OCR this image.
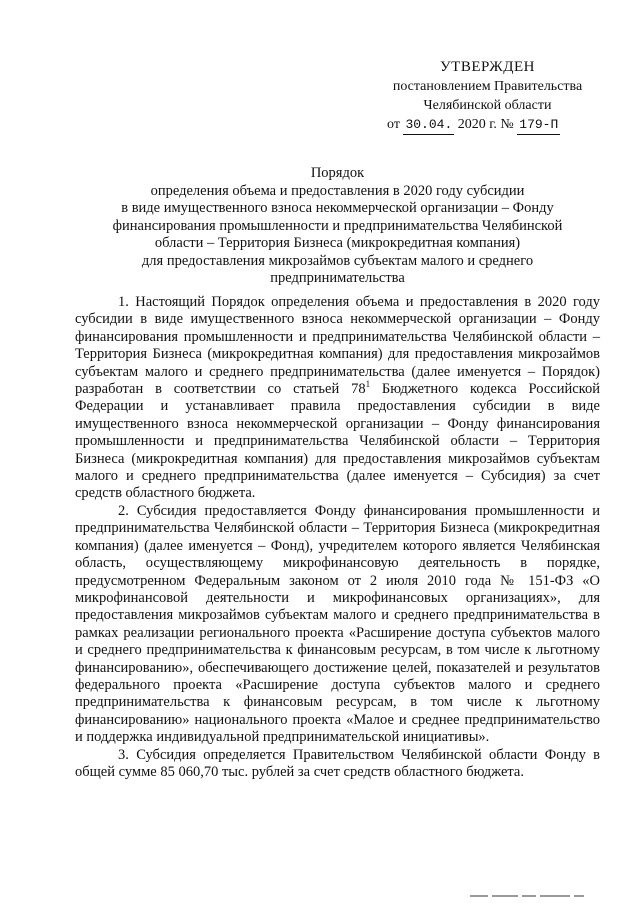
УТВЕРЖДЕН
постановлением Правительства
Челябинской области
от 30.04. 2020 г. № 179-П
Порядок
определения объема и предоставления в 2020 году субсидии
в виде имущественного взноса некоммерческой организации – Фонду
финансирования промышленности и предпринимательства Челябинской
области – Территория Бизнеса (микрокредитная компания)
для предоставления микрозаймов субъектам малого и среднего
предпринимательства

1. Настоящий Порядок определения объема и предоставления в 2020 году субсидии в виде имущественного взноса некоммерческой организации – Фонду финансирования промышленности и предпринимательства Челябинской области – Территория Бизнеса (микрокредитная компания) для предоставления микрозаймов субъектам малого и среднего предпринимательства (далее именуется – Порядок) разработан в соответствии со статьей $78^1$ Бюджетного кодекса Российской Федерации и устанавливает правила предоставления субсидии в виде имущественного взноса некоммерческой организации – Фонду финансирования промышленности и предпринимательства Челябинской области – Территория Бизнеса (микрокредитная компания) для предоставления микрозаймов субъектам малого и среднего предпринимательства (далее именуется – Субсидия) за счет средств областного бюджета.

2. Субсидия предоставляется Фонду финансирования промышленности и предпринимательства Челябинской области – Территория Бизнеса (микрокредитная компания) (далее именуется – Фонд), учредителем которого является Челябинская область, осуществляющему микрофинансовую деятельность в порядке, предусмотренном Федеральным законом от 2 июля 2010 года № 151-ФЗ «О микрофинансовой деятельности и микрофинансовых организациях», для предоставления микрозаймов субъектам малого и среднего предпринимательства в рамках реализации регионального проекта «Расширение доступа субъектов малого и среднего предпринимательства к финансовым ресурсам, в том числе к льготному финансированию», обеспечивающего достижение целей, показателей и результатов федерального проекта «Расширение доступа субъектов малого и среднего предпринимательства к финансовым ресурсам, в том числе к льготному финансированию» национального проекта «Малое и среднее предпринимательство и поддержка индивидуальной предпринимательской инициативы».

3. Субсидия определяется Правительством Челябинской области Фонду в общей сумме 85 060,70 тыс. рублей за счет средств областного бюджета.
